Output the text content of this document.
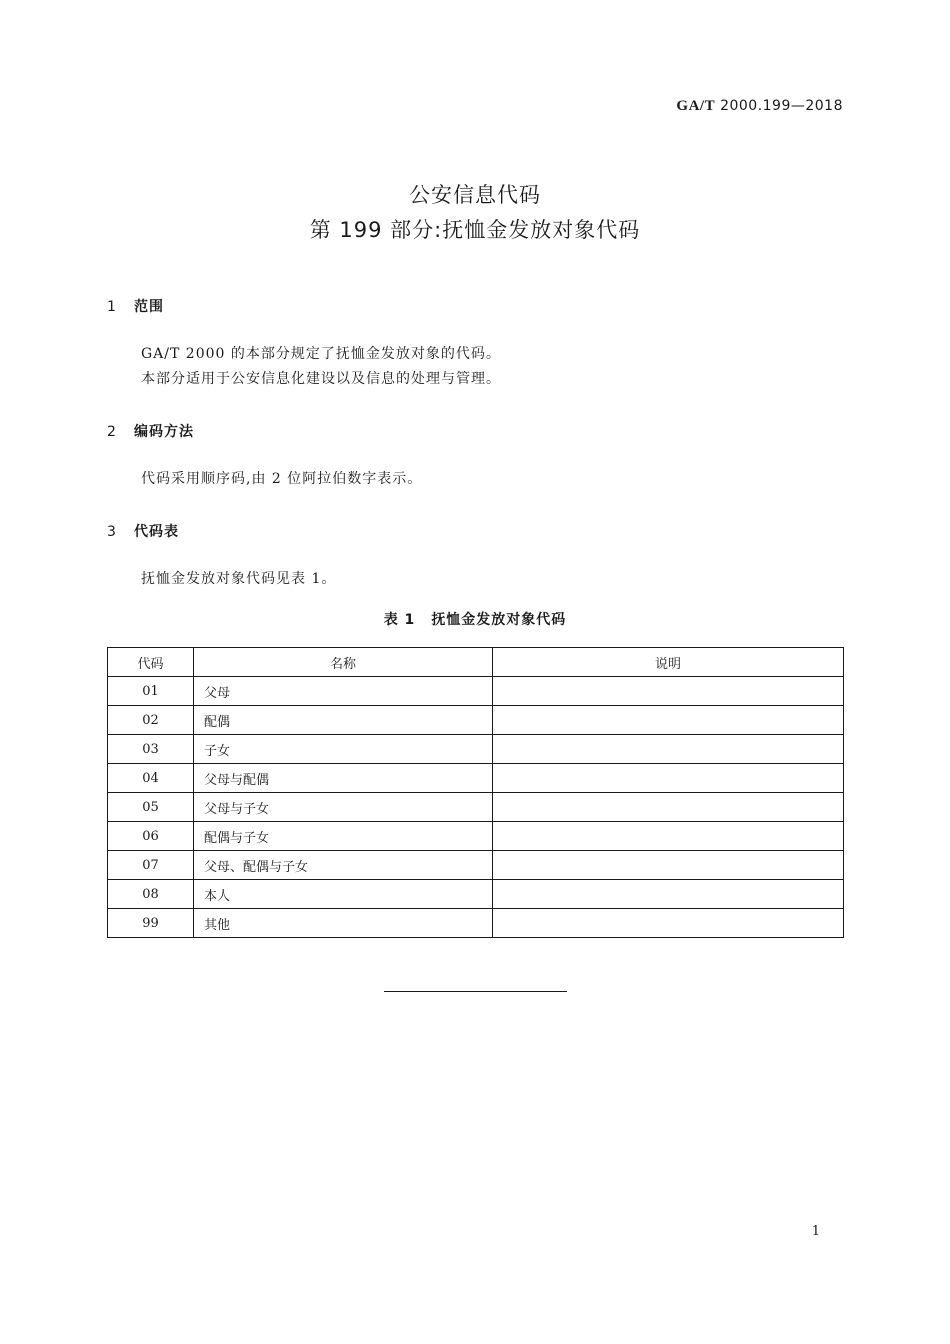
GA/T 2000.199—2018
公安信息代码
第 199 部分:抚恤金发放对象代码
1 范围
GA/T 2000 的本部分规定了抚恤金发放对象的代码。
本部分适用于公安信息化建设以及信息的处理与管理。
2 编码方法
代码采用顺序码,由 2 位阿拉伯数字表示。
3 代码表
抚恤金发放对象代码见表 1。
表 1 抚恤金发放对象代码
代码	名称	说明
01	父母	
02	配偶	
03	子女	
04	父母与配偶	
05	父母与子女	
06	配偶与子女	
07	父母、配偶与子女	
08	本人	
99	其他	
1
